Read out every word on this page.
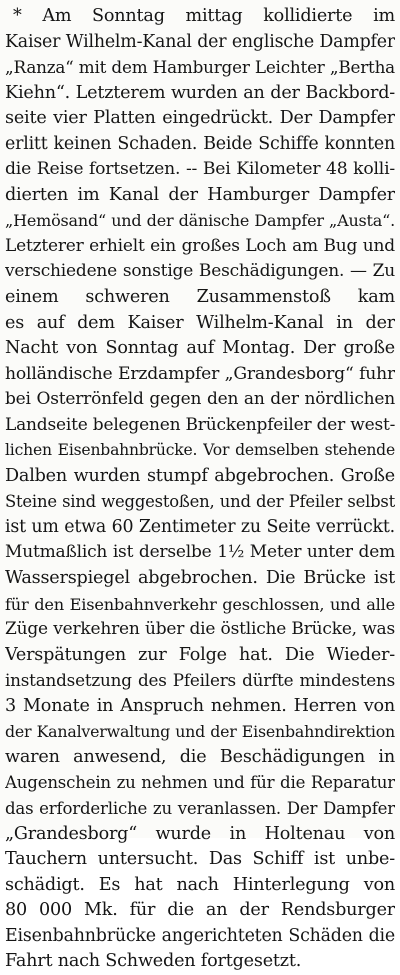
* Am Sonntag mittag kollidierte im
Kaiser Wilhelm-Kanal der englische Dampfer
„Ranza“ mit dem Hamburger Leichter „Bertha
Kiehn“. Letzterem wurden an der Backbord-
seite vier Platten eingedrückt. Der Dampfer
erlitt keinen Schaden. Beide Schiffe konnten
die Reise fortsetzen. -- Bei Kilometer 48 kolli-
dierten im Kanal der Hamburger Dampfer
„Hemösand“ und der dänische Dampfer „Austa“.
Letzterer erhielt ein großes Loch am Bug und
verschiedene sonstige Beschädigungen. — Zu
einem schweren Zusammenstoß kam
es auf dem Kaiser Wilhelm-Kanal in der
Nacht von Sonntag auf Montag. Der große
holländische Erzdampfer „Grandesborg“ fuhr
bei Osterrönfeld gegen den an der nördlichen
Landseite belegenen Brückenpfeiler der west-
lichen Eisenbahnbrücke. Vor demselben stehende
Dalben wurden stumpf abgebrochen. Große
Steine sind weggestoßen, und der Pfeiler selbst
ist um etwa 60 Zentimeter zu Seite verrückt.
Mutmaßlich ist derselbe 1½ Meter unter dem
Wasserspiegel abgebrochen. Die Brücke ist
für den Eisenbahnverkehr geschlossen, und alle
Züge verkehren über die östliche Brücke, was
Verspätungen zur Folge hat. Die Wieder-
instandsetzung des Pfeilers dürfte mindestens
3 Monate in Anspruch nehmen. Herren von
der Kanalverwaltung und der Eisenbahndirektion
waren anwesend, die Beschädigungen in
Augenschein zu nehmen und für die Reparatur
das erforderliche zu veranlassen. Der Dampfer
„Grandesborg“ wurde in Holtenau von
Tauchern untersucht. Das Schiff ist unbe-
schädigt. Es hat nach Hinterlegung von
80 000 Mk. für die an der Rendsburger
Eisenbahnbrücke angerichteten Schäden die
Fahrt nach Schweden fortgesetzt.
